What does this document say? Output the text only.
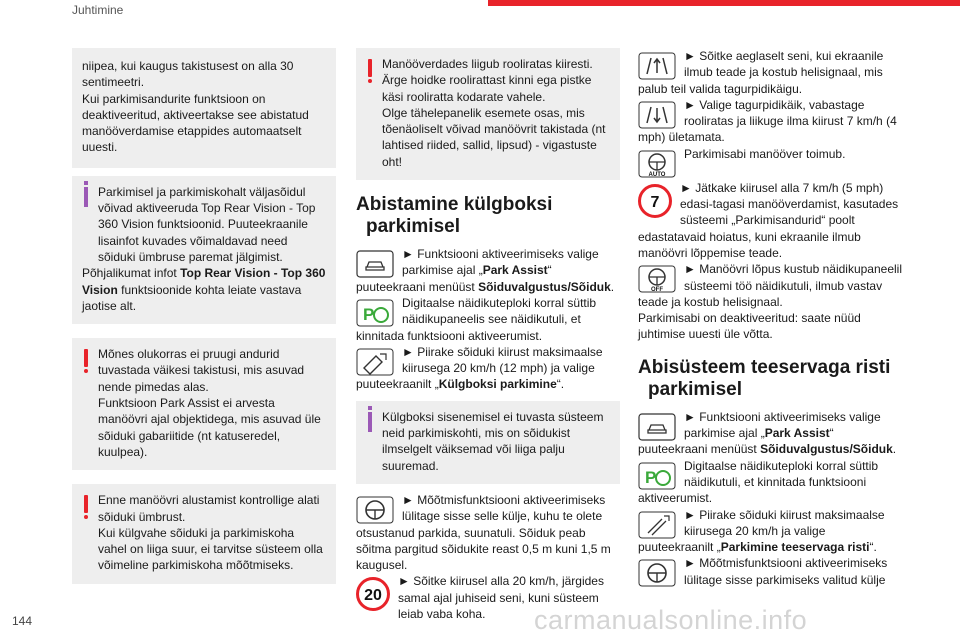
Juhtimine

niipea, kui kaugus takistusest on alla 30 sentimeetri.
Kui parkimisandurite funktsioon on deaktiveeritud, aktiveertakse see abistatud manööverdamise etappides automaatselt uuesti.

Parkimisel ja parkimiskohalt väljasõidul võivad aktiveeruda Top Rear Vision - Top 360 Vision funktsioonid. Puuteekraanile lisainfot kuvades võimaldavad need sõiduki ümbruse paremat jälgimist.

Põhjalikumat infot Top Rear Vision - Top 360 Vision funktsioonide kohta leiate vastava jaotise alt.

Mõnes olukorras ei pruugi andurid tuvastada väikesi takistusi, mis asuvad nende pimedas alas.
Funktsioon Park Assist ei arvesta manöövri ajal objektidega, mis asuvad üle sõiduki gabariitide (nt katuseredel, kuulpea).

Enne manöövri alustamist kontrollige alati sõiduki ümbrust.
Kui külgvahe sõiduki ja parkimiskoha vahel on liiga suur, ei tarvitse süsteem olla võimeline parkimiskoha mõõtmiseks.

Manööverdades liigub rooliratas kiiresti. Ärge hoidke roolirattast kinni ega pistke käsi rooliratta kodarate vahele.
Olge tähelepanelik esemete osas, mis tõenäoliselt võivad manöövrit takistada (nt lahtised riided, sallid, lipsud) - vigastuste oht!

Abistamine külgboksi
parkimisel

► Funktsiooni aktiveerimiseks valige parkimise ajal „Park Assist“ puuteekraani menüüst Sõiduvalgustus/Sõiduk.

P

Digitaalse näidikuteploki korral süttib näidikupaneelis see näidikutuli, et kinnitada funktsiooni aktiveerumist.

► Piirake sõiduki kiirust maksimaalse kiirusega 20 km/h (12 mph) ja valige puuteekraanilt „Külgboksi parkimine“.

Külgboksi sisenemisel ei tuvasta süsteem neid parkimiskohti, mis on sõidukist ilmselgelt väiksemad või liiga palju suuremad.

► Mõõtmisfunktsiooni aktiveerimiseks lülitage sisse selle külje, kuhu te olete otsustanud parkida, suunatuli. Sõiduk peab sõitma pargitud sõidukite reast 0,5 m kuni 1,5 m kaugusel.

20

► Sõitke kiirusel alla 20 km/h, järgides samal ajal juhiseid seni, kuni süsteem leiab vaba koha.

► Sõitke aeglaselt seni, kui ekraanile ilmub teade ja kostub helisignaal, mis palub teil valida tagurpidikäigu.

► Valige tagurpidikäik, vabastage rooliratas ja liikuge ilma kiirust 7 km/h (4 mph) ületamata.

AUTO

Parkimisabi manööver toimub.

7

► Jätkake kiirusel alla 7 km/h (5 mph) edasi-tagasi manööverdamist, kasutades süsteemi „Parkimisandurid“ poolt edastatavaid hoiatus, kuni ekraanile ilmub manöövri lõppemise teade.

OFF

► Manöövri lõpus kustub näidikupaneelil süsteemi töö näidikutuli, ilmub vastav teade ja kostub helisignaal.
Parkimisabi on deaktiveeritud: saate nüüd juhtimise uuesti üle võtta.

Abisüsteem teeservaga risti
parkimisel

► Funktsiooni aktiveerimiseks valige parkimise ajal „Park Assist“ puuteekraani menüüst Sõiduvalgustus/Sõiduk.

P

Digitaalse näidikuteploki korral süttib näidikutuli, et kinnitada funktsiooni aktiveerumist.

► Piirake sõiduki kiirust maksimaalse kiirusega 20 km/h ja valige puuteekraanilt „Parkimine teeservaga risti“.

► Mõõtmisfunktsiooni aktiveerimiseks lülitage sisse parkimiseks valitud külje

144	carmanualsonline.info
